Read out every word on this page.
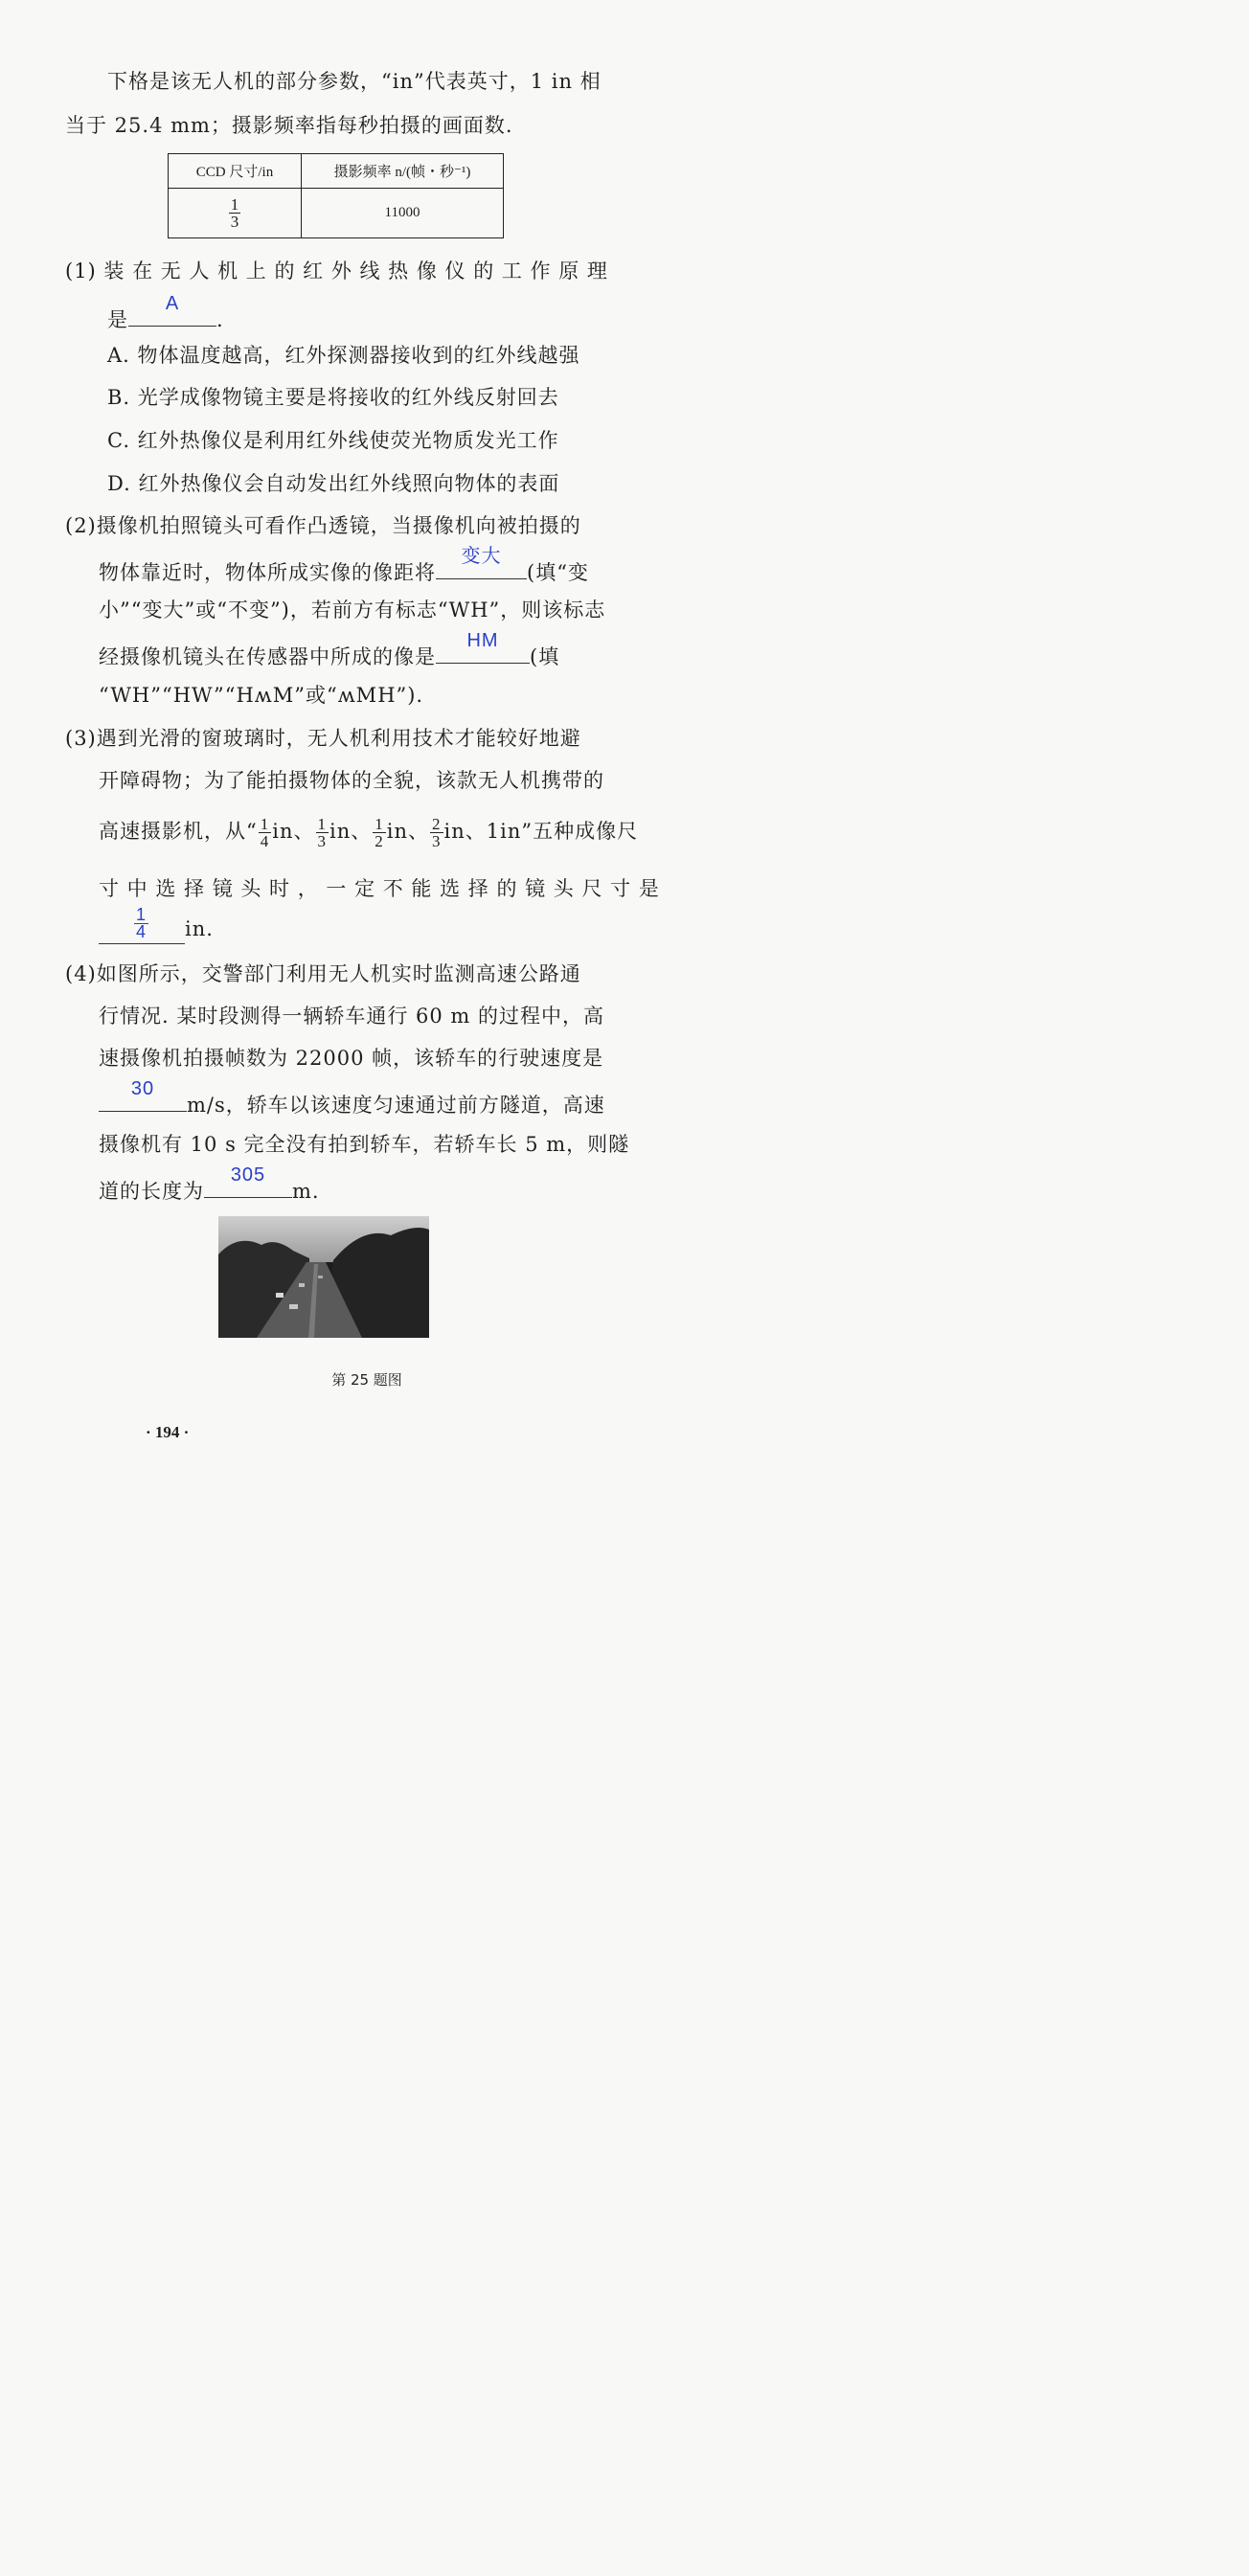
下格是该无人机的部分参数，“in”代表英寸，1 in 相
当于 25.4 mm；摄影频率指每秒拍摄的画面数.
CCD 尺寸/in	摄影频率 n/(帧・秒⁻¹)

$\frac{1}{3}$	11000
(1) 装 在 无 人 机 上 的 红 外 线 热 像 仪 的 工 作 原 理
是
A
.
A. 物体温度越高，红外探测器接收到的红外线越强
B. 光学成像物镜主要是将接收的红外线反射回去
C. 红外热像仪是利用红外线使荧光物质发光工作
D. 红外热像仪会自动发出红外线照向物体的表面
(2)摄像机拍照镜头可看作凸透镜，当摄像机向被拍摄的
物体靠近时，物体所成实像的像距将
变大
(填“变
小”“变大”或“不变”)，若前方有标志“WH”，则该标志
经摄像机镜头在传感器中所成的像是
HM
(填
“WH”“HW”“HʍM”或“ʍMH”).
(3)遇到光滑的窗玻璃时，无人机利用技术才能较好地避
开障碍物；为了能拍摄物体的全貌，该款无人机携带的
高速摄影机，从“ $\frac{1}{4}$ in、 $\frac{1}{3}$ in、 $\frac{1}{2}$ in、 $\frac{2}{3}$ in、1in”五种成像尺
寸 中 选 择 镜 头 时 ， 一 定 不 能 选 择 的 镜 头 尺 寸 是
$\frac{1}{4}$ in.
(4)如图所示，交警部门利用无人机实时监测高速公路通
行情况. 某时段测得一辆轿车通行 60 m 的过程中，高
速摄像机拍摄帧数为 22000 帧，该轿车的行驶速度是
30
m/s，轿车以该速度匀速通过前方隧道，高速
摄像机有 10 s 完全没有拍到轿车，若轿车长 5 m，则隧
道的长度为
305
m.
第 25 题图
· 194 ·
